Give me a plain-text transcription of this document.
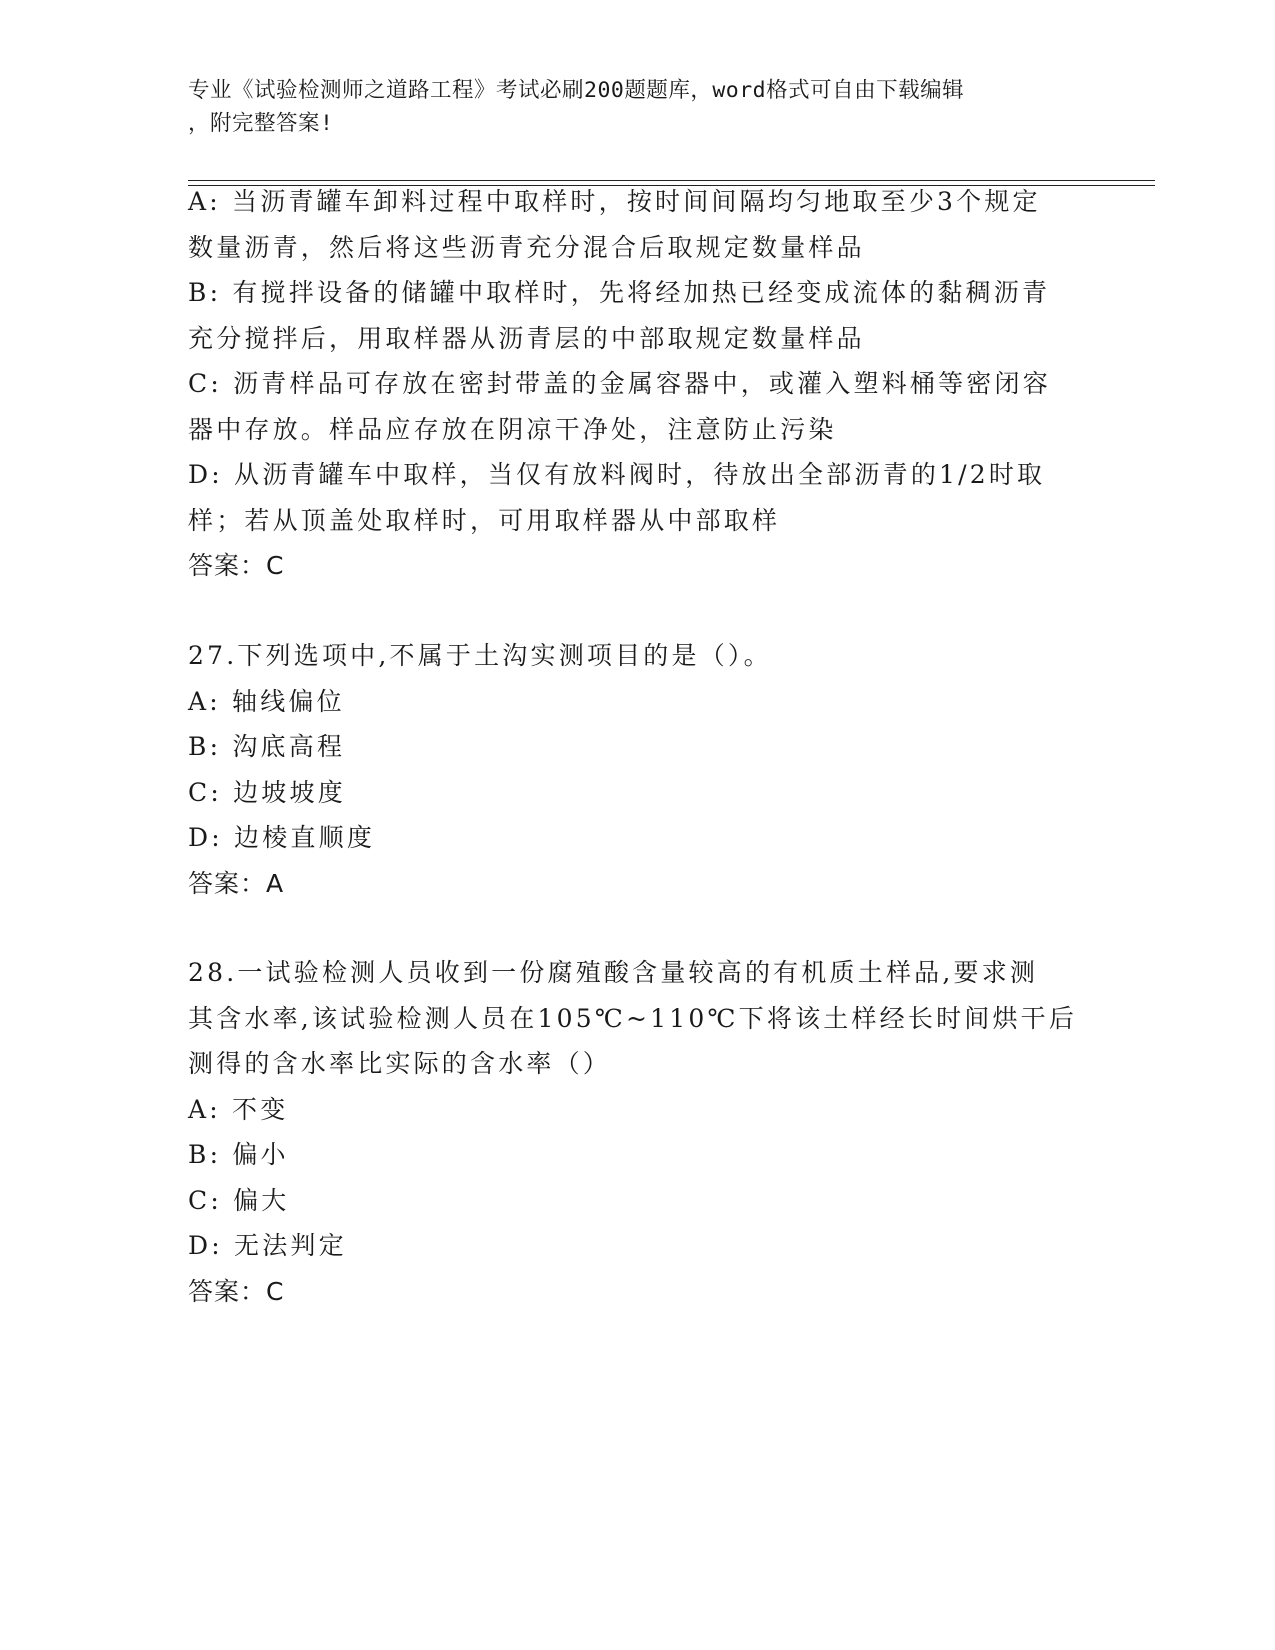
专业《试验检测师之道路工程》考试必刷200题题库，word格式可自由下载编辑
，附完整答案!
A: 当沥青罐车卸料过程中取样时，按时间间隔均匀地取至少3个规定
数量沥青，然后将这些沥青充分混合后取规定数量样品
B: 有搅拌设备的储罐中取样时，先将经加热已经变成流体的黏稠沥青
充分搅拌后，用取样器从沥青层的中部取规定数量样品
C: 沥青样品可存放在密封带盖的金属容器中，或灌入塑料桶等密闭容
器中存放。样品应存放在阴凉干净处，注意防止污染
D: 从沥青罐车中取样，当仅有放料阀时，待放出全部沥青的1/2时取
样；若从顶盖处取样时，可用取样器从中部取样
答案：C
27.下列选项中,不属于土沟实测项目的是（）。
A: 轴线偏位
B: 沟底高程
C: 边坡坡度
D: 边棱直顺度
答案：A
28.一试验检测人员收到一份腐殖酸含量较高的有机质土样品,要求测
其含水率,该试验检测人员在105℃~110℃下将该土样经长时间烘干后
测得的含水率比实际的含水率（）
A: 不变
B: 偏小
C: 偏大
D: 无法判定
答案：C
